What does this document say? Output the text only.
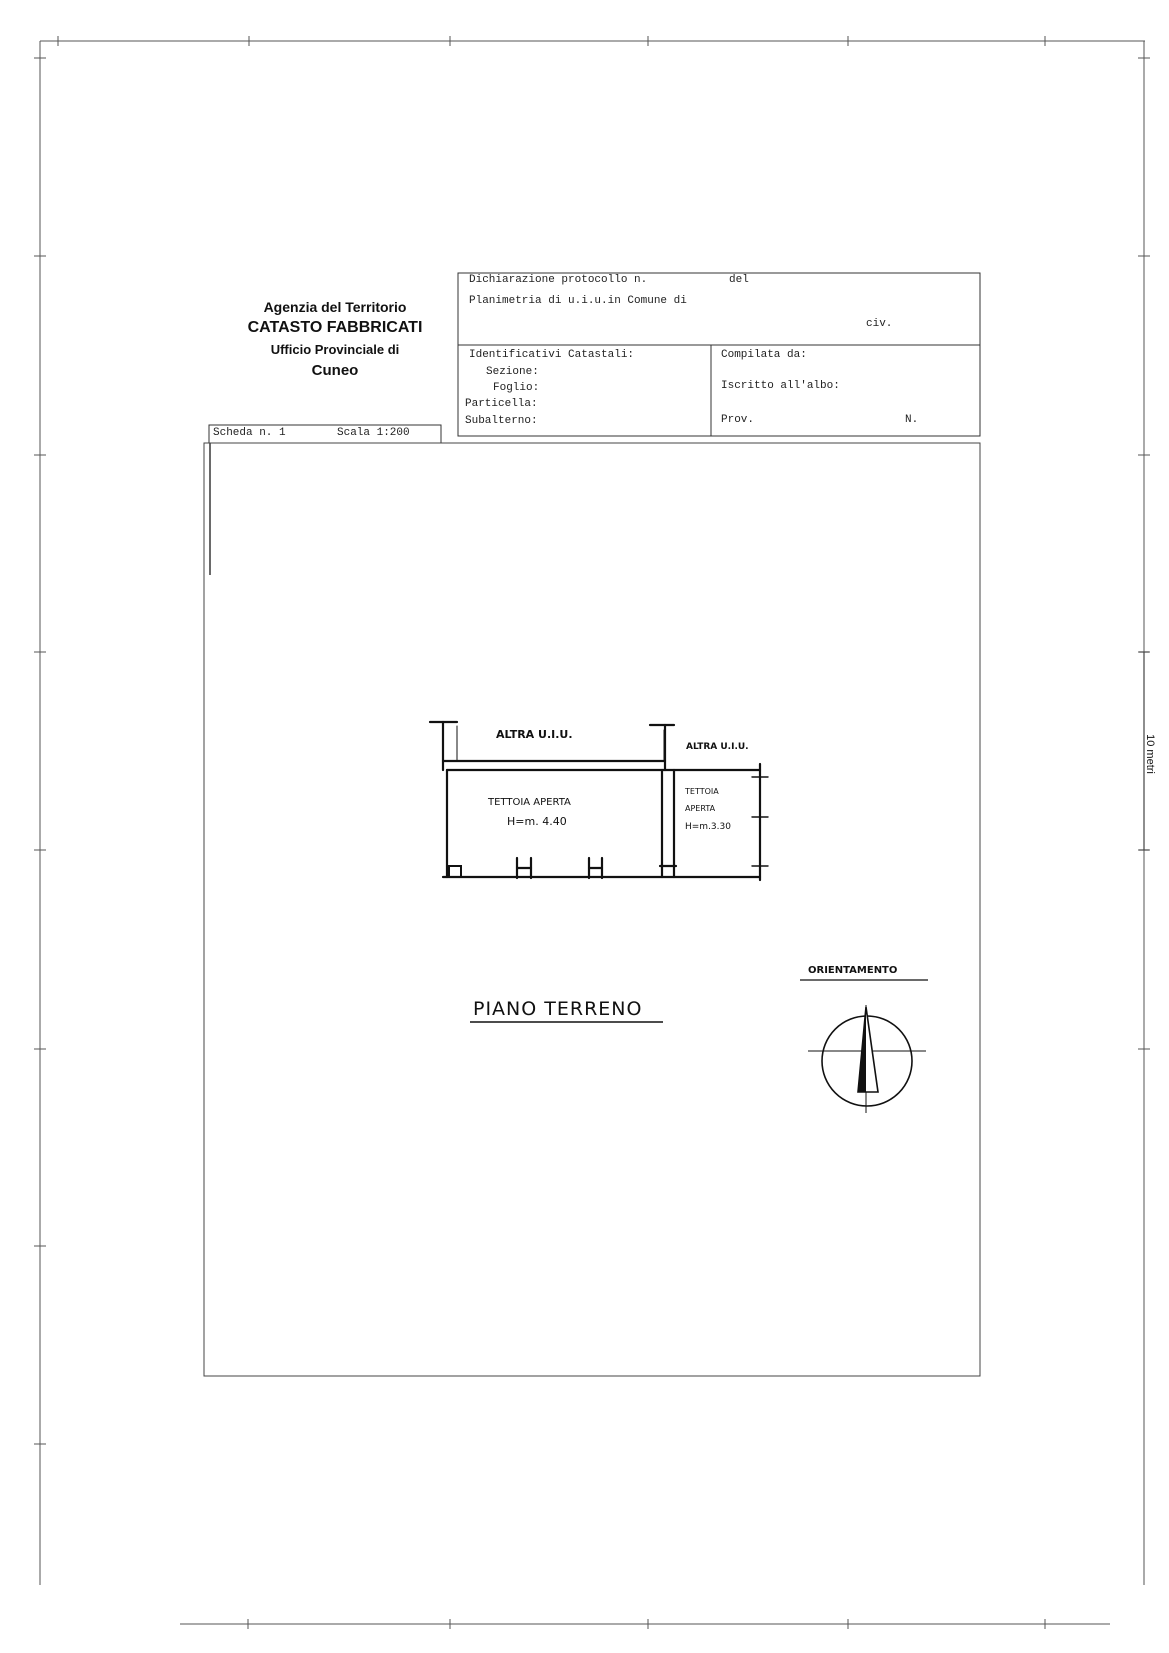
Agenzia del Territorio
CATASTO FABBRICATI
Ufficio Provinciale di
Cuneo
Dichiarazione protocollo n.	del
Planimetria di u.i.u.in Comune di
civ.
Identificativi Catastali:
Sezione:
Foglio:
Particella:
Subalterno:
Compilata da:
Iscritto all'albo:
Prov.	N.
Scheda n. 1	Scala 1:200
10 metri
ALTRA U.I.U.
ALTRA U.I.U.
TETTOIA APERTA
H=m. 4.40
TETTOIA
APERTA
H=m.3.30
PIANO TERRENO
ORIENTAMENTO
